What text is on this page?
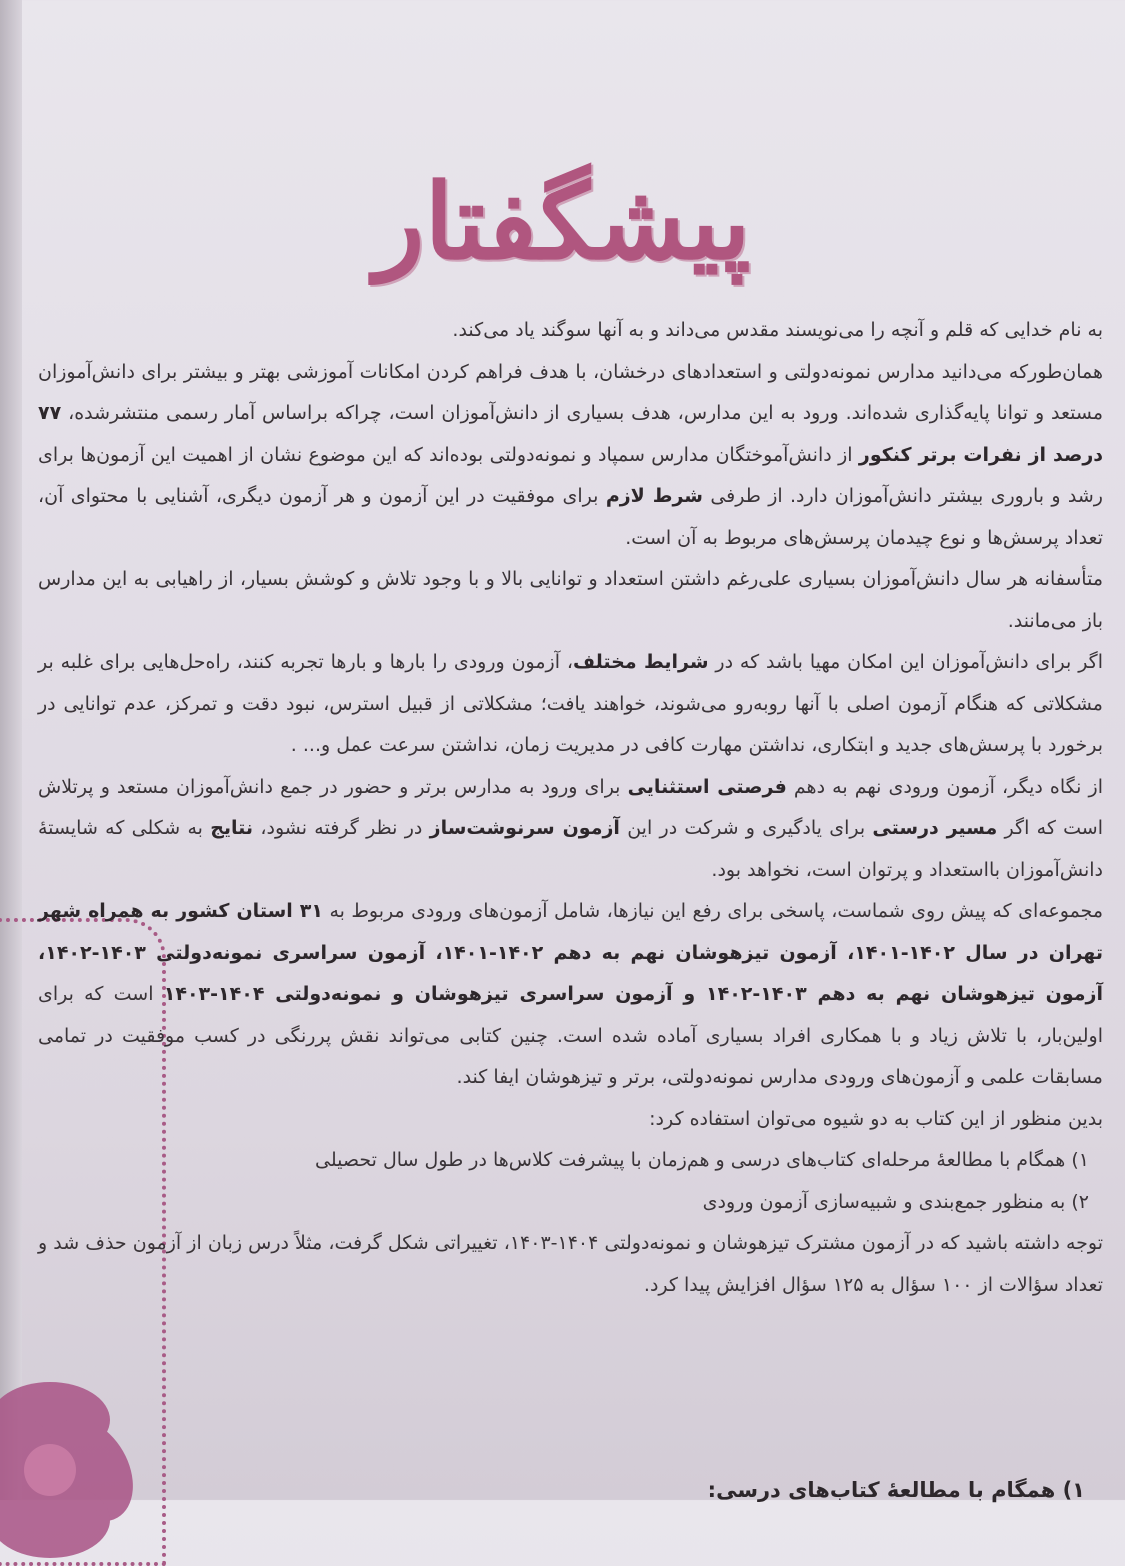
پیشگفتار

به نام خدایی که قلم و آنچه را می‌نویسند مقدس می‌داند و به آنها سوگند یاد می‌کند.

همان‌طورکه می‌دانید مدارس نمونه‌دولتی و استعدادهای درخشان، با هدف فراهم کردن امکانات آموزشی بهتر و بیشتر برای دانش‌آموزان مستعد و توانا پایه‌گذاری شده‌اند. ورود به این مدارس، هدف بسیاری از دانش‌آموزان است، چراکه براساس آمار رسمی منتشرشده، ۷۷ درصد از نفرات برتر کنکور از دانش‌آموختگان مدارس سمپاد و نمونه‌دولتی بوده‌اند که این موضوع نشان از اهمیت این آزمون‌ها برای رشد و باروری بیشتر دانش‌آموزان دارد. از طرفی شرط لازم برای موفقیت در این آزمون و هر آزمون دیگری، آشنایی با محتوای آن، تعداد پرسش‌ها و نوع چیدمان پرسش‌های مربوط به آن است.

متأسفانه هر سال دانش‌آموزان بسیاری علی‌رغم داشتن استعداد و توانایی بالا و با وجود تلاش و کوشش بسیار، از راهیابی به این مدارس باز می‌مانند.

اگر برای دانش‌آموزان این امکان مهیا باشد که در شرایط مختلف، آزمون ورودی را بارها و بارها تجربه کنند، راه‌حل‌هایی برای غلبه بر مشکلاتی که هنگام آزمون اصلی با آنها روبه‌رو می‌شوند، خواهند یافت؛ مشکلاتی از قبیل استرس، نبود دقت و تمرکز، عدم توانایی در برخورد با پرسش‌های جدید و ابتکاری، نداشتن مهارت کافی در مدیریت زمان، نداشتن سرعت عمل و... .

از نگاه دیگر، آزمون ورودی نهم به دهم فرصتی استثنایی برای ورود به مدارس برتر و حضور در جمع دانش‌آموزان مستعد و پرتلاش است که اگر مسیر درستی برای یادگیری و شرکت در این آزمون سرنوشت‌ساز در نظر گرفته نشود، نتایج به شکلی که شایستهٔ دانش‌آموزان بااستعداد و پرتوان است، نخواهد بود.

مجموعه‌ای که پیش روی شماست، پاسخی برای رفع این نیازها، شامل آزمون‌های ورودی مربوط به ۳۱ استان کشور به همراه شهر تهران در سال ۱۴۰۲-۱۴۰۱، آزمون تیزهوشان نهم به دهم ۱۴۰۲-۱۴۰۱، آزمون سراسری نمونه‌دولتی ۱۴۰۳-۱۴۰۲، آزمون تیزهوشان نهم به دهم ۱۴۰۳-۱۴۰۲ و آزمون سراسری تیزهوشان و نمونه‌دولتی ۱۴۰۴-۱۴۰۳ است که برای اولین‌بار، با تلاش زیاد و با همکاری افراد بسیاری آماده شده است. چنین کتابی می‌تواند نقش پررنگی در کسب موفقیت در تمامی مسابقات علمی و آزمون‌های ورودی مدارس نمونه‌دولتی، برتر و تیزهوشان ایفا کند.

بدین منظور از این کتاب به دو شیوه می‌توان استفاده کرد:

۱) همگام با مطالعهٔ مرحله‌ای کتاب‌های درسی و هم‌زمان با پیشرفت کلاس‌ها در طول سال تحصیلی

۲) به منظور جمع‌بندی و شبیه‌سازی آزمون ورودی

توجه داشته باشید که در آزمون مشترک تیزهوشان و نمونه‌دولتی ۱۴۰۴-۱۴۰۳، تغییراتی شکل گرفت، مثلاً درس زبان از آزمون حذف شد و تعداد سؤالات از ۱۰۰ سؤال به ۱۲۵ سؤال افزایش پیدا کرد.

۱) همگام با مطالعهٔ کتاب‌های درسی:
